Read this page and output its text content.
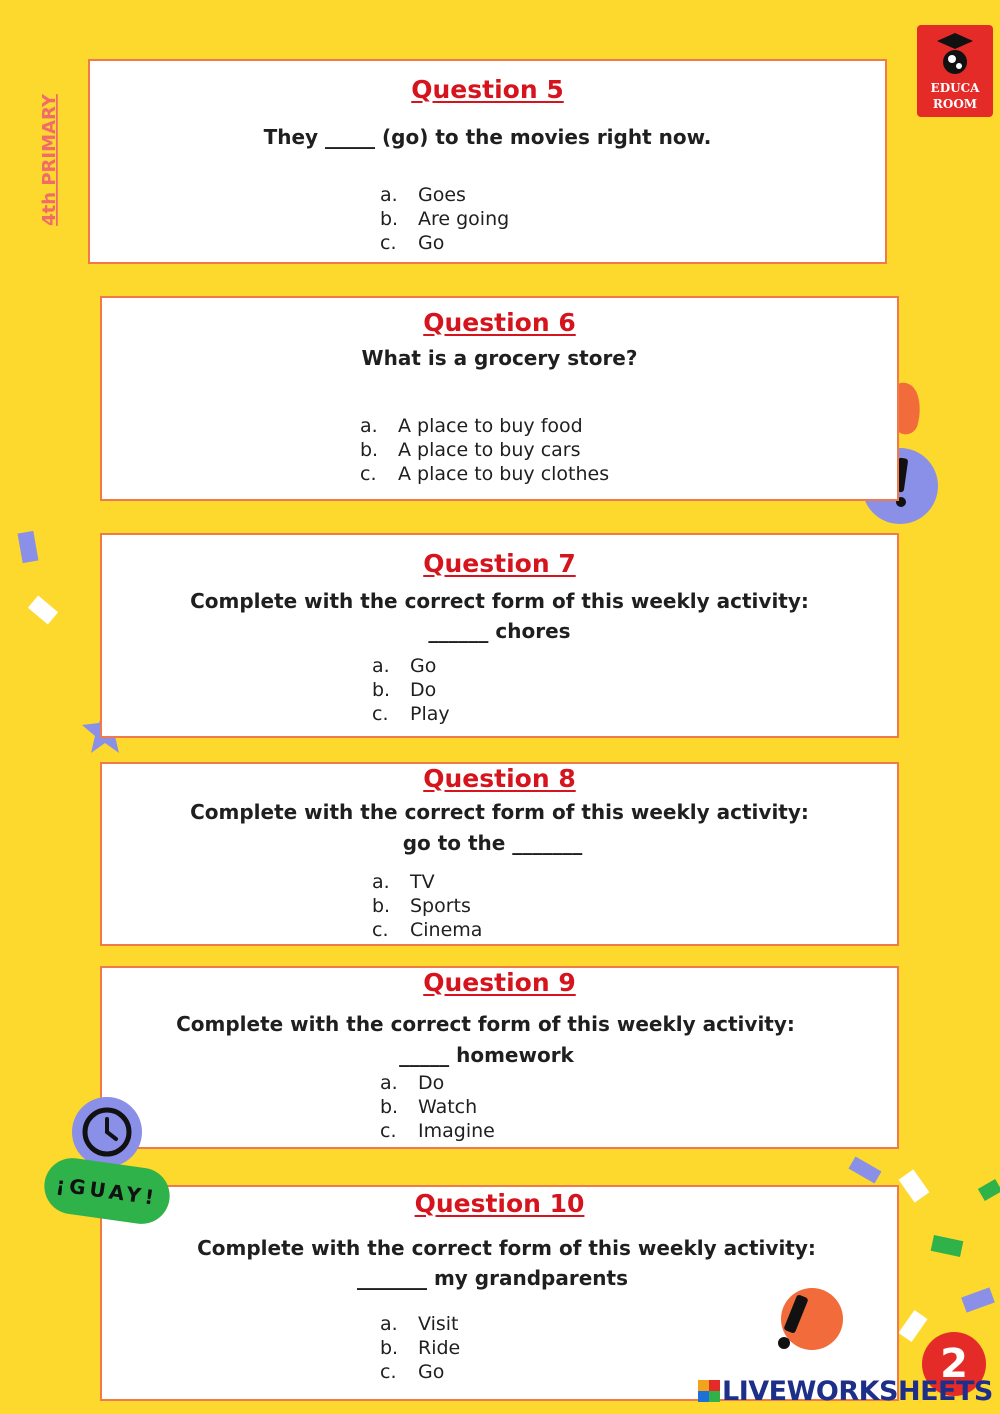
4th PRIMARY
EDUCA
ROOM
Question 5
They _____ (go) to the movies right now.
a.	Goes
b.	Are going
c.	Go
Question 6
What is a grocery store?
a.	A place to buy food
b.	A place to buy cars
c.	A place to buy clothes
Question 7
Complete with the correct form of this weekly activity:
______ chores
a.	Go
b.	Do
c.	Play
Question 8
Complete with the correct form of this weekly activity:
go to the _______
a.	TV
b.	Sports
c.	Cinema
Question 9
Complete with the correct form of this weekly activity:
_____ homework
a.	Do
b.	Watch
c.	Imagine
Question 10
Complete with the correct form of this weekly activity:
_______ my grandparents
a.	Visit
b.	Ride
c.	Go
¡GUAY!
2
LIVEWORKSHEETS
